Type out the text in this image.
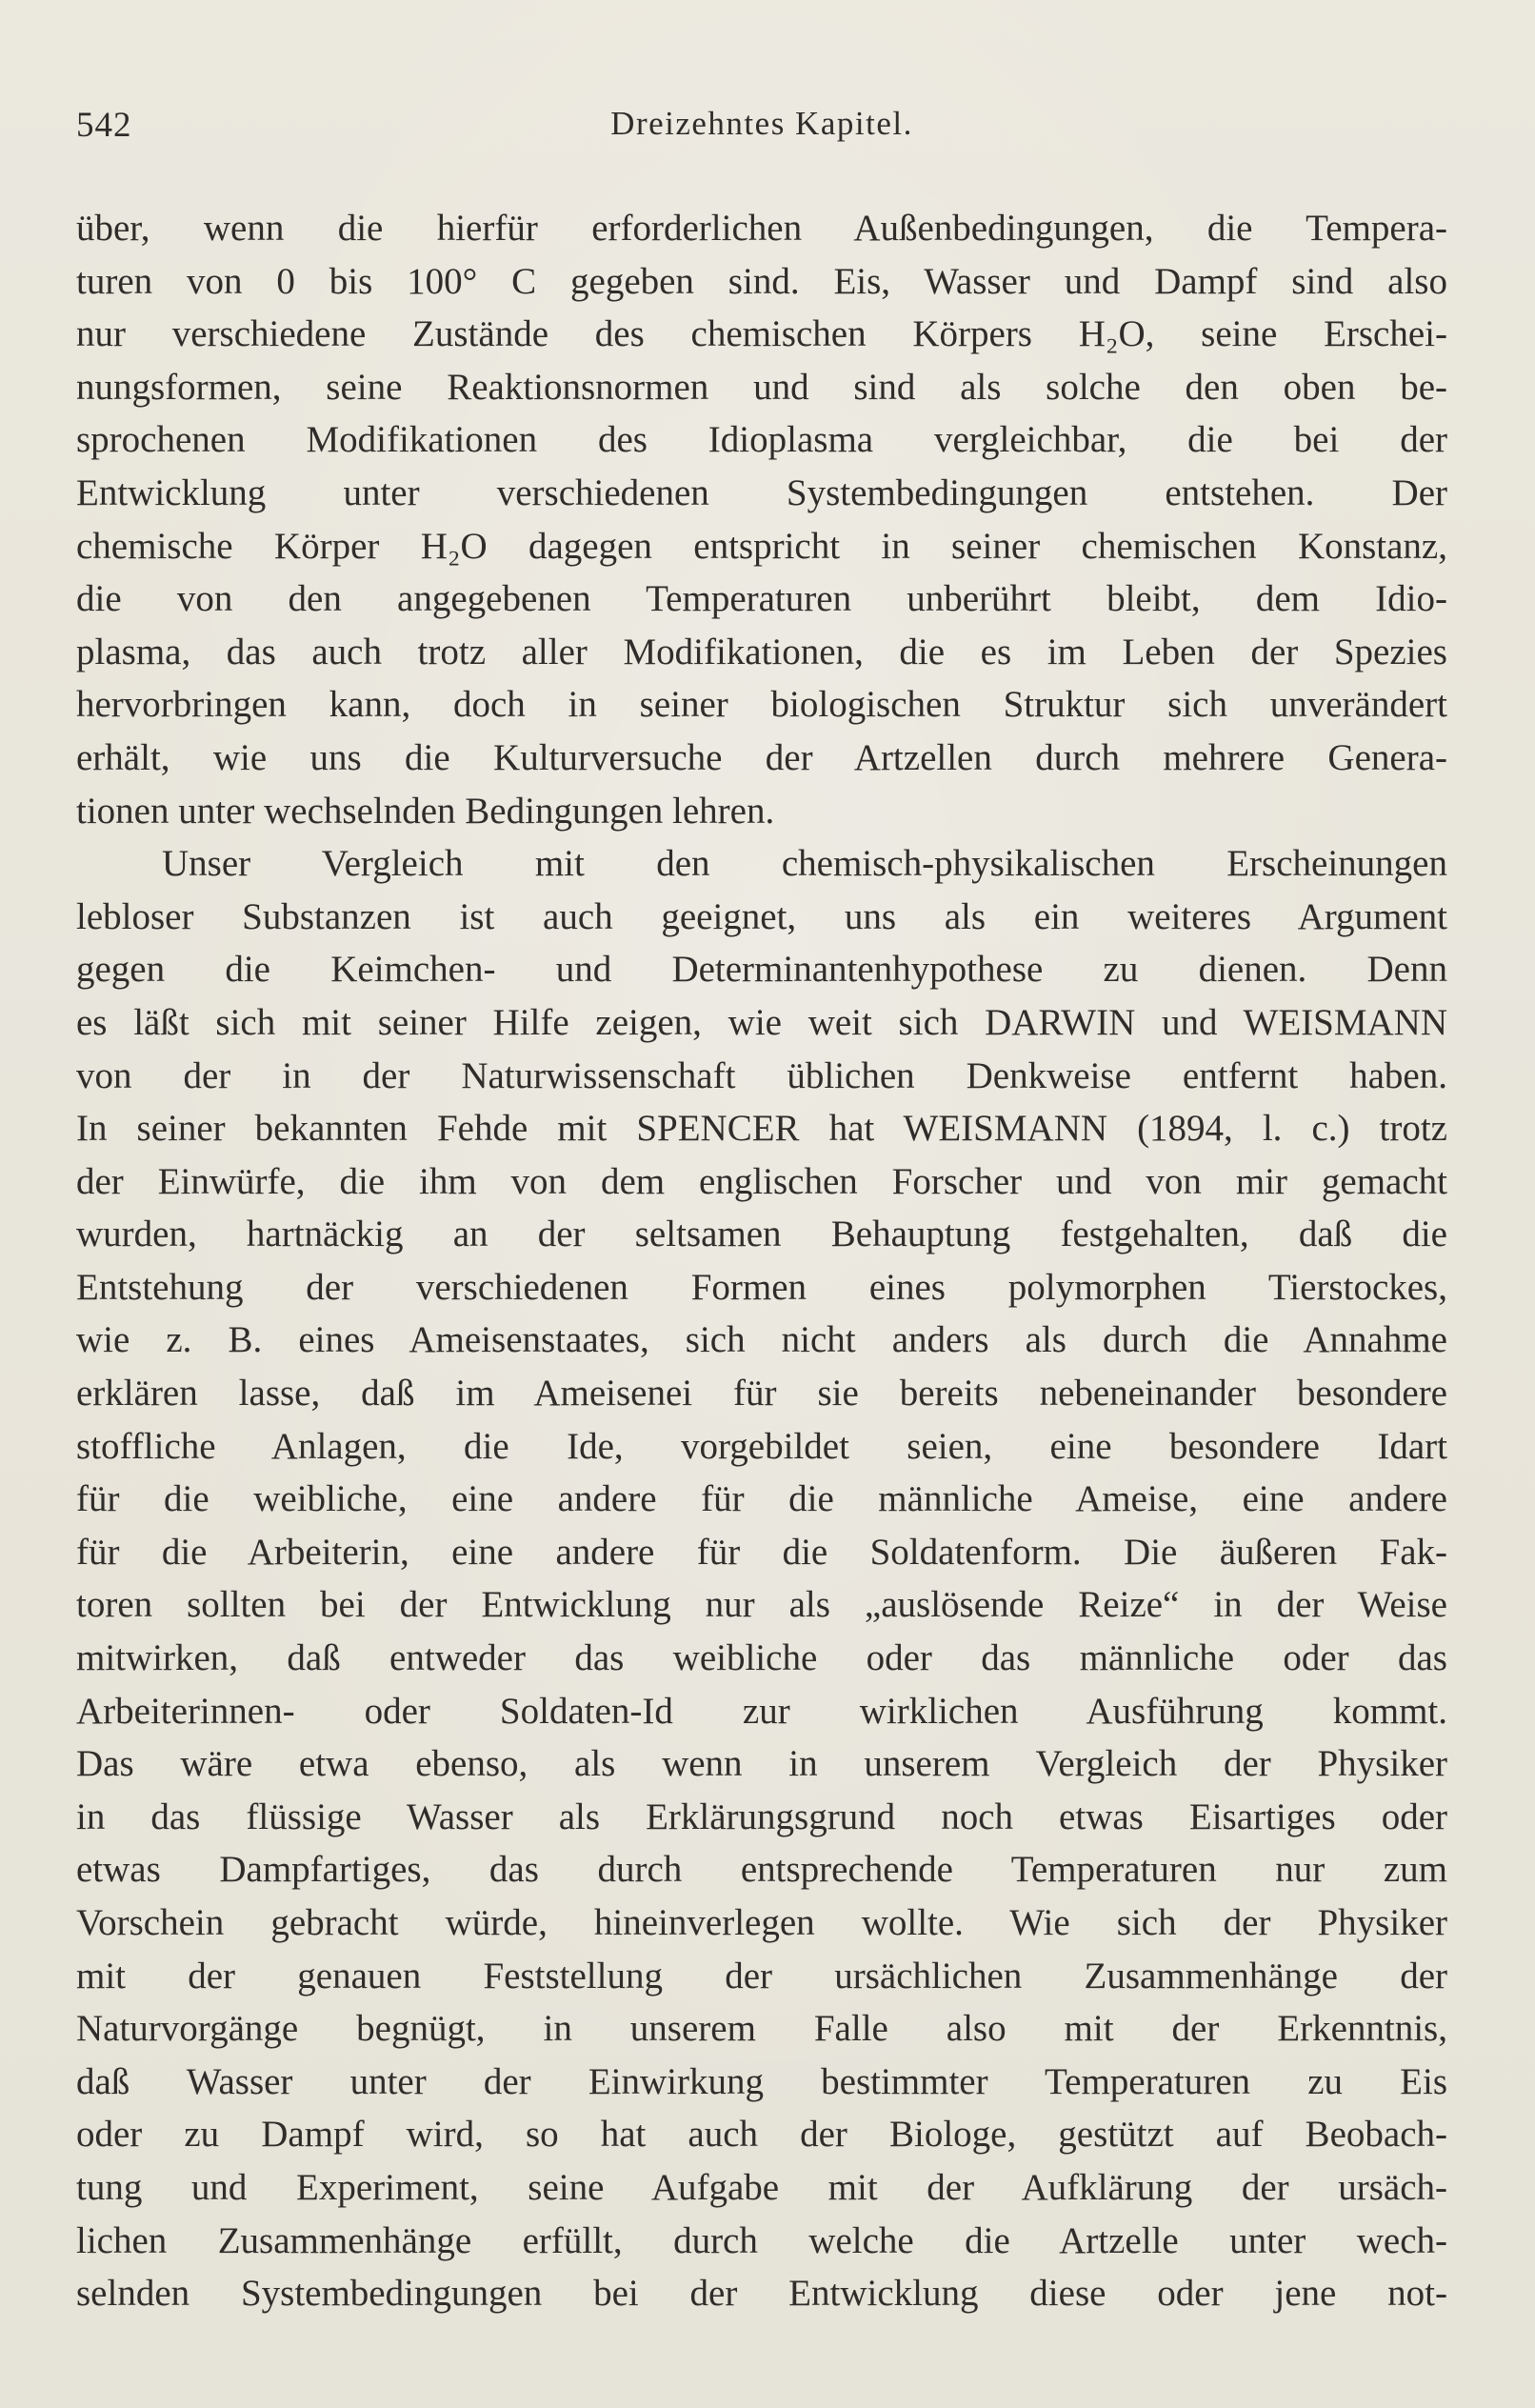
542	Dreizehntes Kapitel.
über, wenn die hierfür erforderlichen Außenbedingungen, die Tempera-
turen von 0 bis 100° C gegeben sind. Eis, Wasser und Dampf sind also
nur verschiedene Zustände des chemischen Körpers H₂O, seine Erschei-
nungsformen, seine Reaktionsnormen und sind als solche den oben be-
sprochenen Modifikationen des Idioplasma vergleichbar, die bei der
Entwicklung unter verschiedenen Systembedingungen entstehen. Der
chemische Körper H₂O dagegen entspricht in seiner chemischen Konstanz,
die von den angegebenen Temperaturen unberührt bleibt, dem Idio-
plasma, das auch trotz aller Modifikationen, die es im Leben der Spezies
hervorbringen kann, doch in seiner biologischen Struktur sich unverändert
erhält, wie uns die Kulturversuche der Artzellen durch mehrere Genera-
tionen unter wechselnden Bedingungen lehren.
Unser Vergleich mit den chemisch-physikalischen Erscheinungen
lebloser Substanzen ist auch geeignet, uns als ein weiteres Argument
gegen die Keimchen- und Determinantenhypothese zu dienen. Denn
es läßt sich mit seiner Hilfe zeigen, wie weit sich DARWIN und WEISMANN
von der in der Naturwissenschaft üblichen Denkweise entfernt haben.
In seiner bekannten Fehde mit SPENCER hat WEISMANN (1894, l. c.) trotz
der Einwürfe, die ihm von dem englischen Forscher und von mir gemacht
wurden, hartnäckig an der seltsamen Behauptung festgehalten, daß die
Entstehung der verschiedenen Formen eines polymorphen Tierstockes,
wie z. B. eines Ameisenstaates, sich nicht anders als durch die Annahme
erklären lasse, daß im Ameisenei für sie bereits nebeneinander besondere
stoffliche Anlagen, die Ide, vorgebildet seien, eine besondere Idart
für die weibliche, eine andere für die männliche Ameise, eine andere
für die Arbeiterin, eine andere für die Soldatenform. Die äußeren Fak-
toren sollten bei der Entwicklung nur als „auslösende Reize“ in der Weise
mitwirken, daß entweder das weibliche oder das männliche oder das
Arbeiterinnen- oder Soldaten-Id zur wirklichen Ausführung kommt.
Das wäre etwa ebenso, als wenn in unserem Vergleich der Physiker
in das flüssige Wasser als Erklärungsgrund noch etwas Eisartiges oder
etwas Dampfartiges, das durch entsprechende Temperaturen nur zum
Vorschein gebracht würde, hineinverlegen wollte. Wie sich der Physiker
mit der genauen Feststellung der ursächlichen Zusammenhänge der
Naturvorgänge begnügt, in unserem Falle also mit der Erkenntnis,
daß Wasser unter der Einwirkung bestimmter Temperaturen zu Eis
oder zu Dampf wird, so hat auch der Biologe, gestützt auf Beobach-
tung und Experiment, seine Aufgabe mit der Aufklärung der ursäch-
lichen Zusammenhänge erfüllt, durch welche die Artzelle unter wech-
selnden Systembedingungen bei der Entwicklung diese oder jene not-
